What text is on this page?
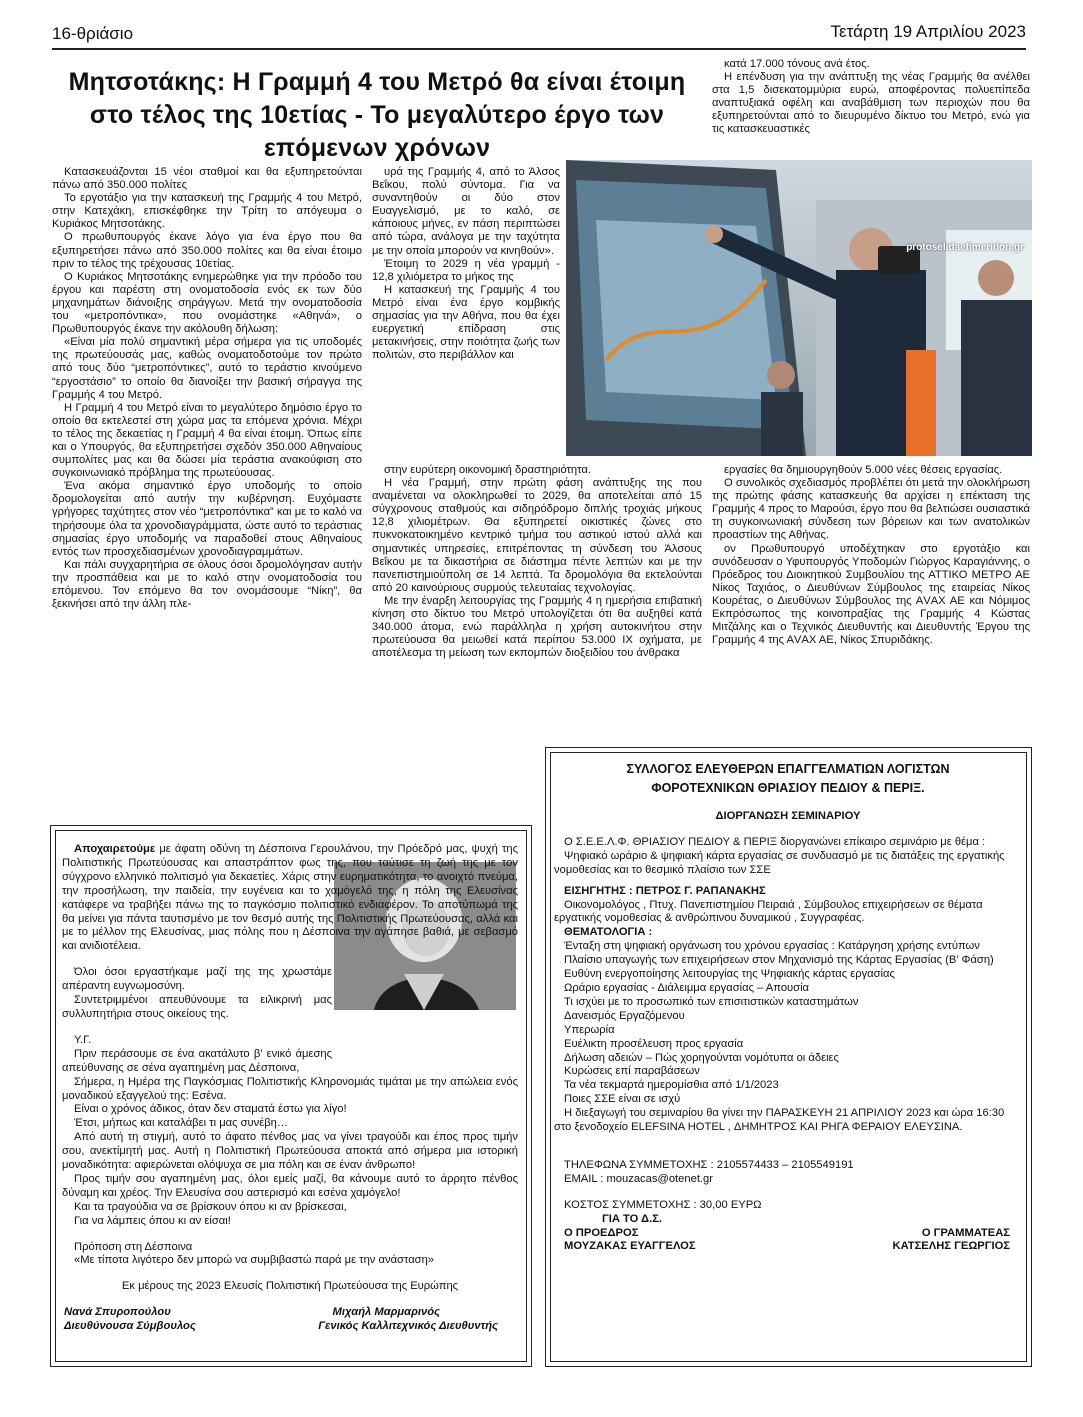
16-θριάσιο	Τετάρτη 19 Απριλίου 2023
Μητσοτάκης: Η Γραμμή 4 του Μετρό θα είναι έτοιμη στο τέλος της 10ετίας - Το μεγαλύτερο έργο των επόμενων χρόνων

Κατασκευάζονται 15 νέοι σταθμοί και θα εξυπηρετούνται πάνω από 350.000 πολίτες

Το εργοτάξιο για την κατασκευή της Γραμμής 4 του Μετρό, στην Κατεχάκη, επισκέφθηκε την Τρίτη το απόγευμα ο Κυριάκος Μητσοτάκης.

Ο πρωθυπουργός έκανε λόγο για ένα έργο που θα εξυπηρετήσει πάνω από 350.000 πολίτες και θα είναι έτοιμο πριν το τέλος της τρέχουσας 10ετίας.

Ο Κυριάκος Μητσοτάκης ενημερώθηκε για την πρόοδο του έργου και παρέστη στη ονοματοδοσία ενός εκ των δύο μηχανημάτων διάνοιξης σηράγγων. Μετά την ονοματοδοσία του «μετροπόντικα», που ονομάστηκε «Αθηνά», ο Πρωθυπουργός έκανε την ακόλουθη δήλωση:

«Είναι μία πολύ σημαντική μέρα σήμερα για τις υποδομές της πρωτεύουσάς μας, καθώς ονοματοδοτούμε τον πρώτο από τους δύο “μετροπόντικες”, αυτό το τεράστιο κινούμενο “εργοστάσιο” το οποίο θα διανοίξει την βασική σήραγγα της Γραμμής 4 του Μετρό.

Η Γραμμή 4 του Μετρό είναι το μεγαλύτερο δημόσιο έργο το οποίο θα εκτελεστεί στη χώρα μας τα επόμενα χρόνια. Μέχρι το τέλος της δεκαετίας η Γραμμή 4 θα είναι έτοιμη. Όπως είπε και ο Υπουργός, θα εξυπηρετήσει σχεδόν 350.000 Αθηναίους συμπολίτες μας και θα δώσει μία τεράστια ανακούφιση στο συγκοινωνιακό πρόβλημα της πρωτεύουσας.

Ένα ακόμα σημαντικό έργο υποδομής το οποίο δρομολογείται από αυτήν την κυβέρνηση. Ευχόμαστε γρήγορες ταχύτητες στον νέο “μετροπόντικα” και με το καλό να τηρήσουμε όλα τα χρονοδιαγράμματα, ώστε αυτό το τεράστιας σημασίας έργο υποδομής να παραδοθεί στους Αθηναίους εντός των προσχεδιασμένων χρονοδιαγραμμάτων.

Και πάλι συγχαρητήρια σε όλους όσοι δρομολόγησαν αυτήν την προσπάθεια και με το καλό στην ονοματοδοσία του επόμενου. Τον επόμενο θα τον ονομάσουμε “Νίκη”, θα ξεκινήσει από την άλλη πλε-

υρά της Γραμμής 4, από το Άλσος Βεΐκου, πολύ σύντομα. Για να συναντηθούν οι δύο στον Ευαγγελισμό, με το καλό, σε κάποιους μήνες, εν πάση περιπτώσει από τώρα, ανάλογα με την ταχύτητα με την οποία μπορούν να κινηθούν».

Έτοιμη το 2029 η νέα γραμμή - 12,8 χιλιόμετρα το μήκος της

Η κατασκευή της Γραμμής 4 του Μετρό είναι ένα έργο κομβικής σημασίας για την Αθήνα, που θα έχει ευεργετική επίδραση στις μετακινήσεις, στην ποιότητα ζωής των πολιτών, στο περιβάλλον και

στην ευρύτερη οικονομική δραστηριότητα.

Η νέα Γραμμή, στην πρώτη φάση ανάπτυξης της που αναμένεται να ολοκληρωθεί το 2029, θα αποτελείται από 15 σύγχρονους σταθμούς και σιδηρόδρομο διπλής τροχιάς μήκους 12,8 χιλιομέτρων. Θα εξυπηρετεί οικιστικές ζώνες στο πυκνοκατοικημένο κεντρικό τμήμα του αστικού ιστού αλλά και σημαντικές υπηρεσίες, επιτρέποντας τη σύνδεση του Άλσους Βεΐκου με τα δικαστήρια σε διάστημα πέντε λεπτών και με την πανεπιστημιούπολη σε 14 λεπτά. Τα δρομολόγια θα εκτελούνται από 20 καινούριους συρμούς τελευταίας τεχνολογίας.

Με την έναρξη λειτουργίας της Γραμμής 4 η ημερήσια επιβατική κίνηση στο δίκτυο του Μετρό υπολογίζεται ότι θα αυξηθεί κατά 340.000 άτομα, ενώ παράλληλα η χρήση αυτοκινήτου στην πρωτεύουσα θα μειωθεί κατά περίπου 53.000 ΙΧ οχήματα, με αποτέλεσμα τη μείωση των εκπομπών διοξειδίου του άνθρακα

κατά 17.000 τόνους ανά έτος.

Η επένδυση για την ανάπτυξη της νέας Γραμμής θα ανέλθει στα 1,5 δισεκατομμύρια ευρώ, αποφέροντας πολυεπίπεδα αναπτυξιακά οφέλη και αναβάθμιση των περιοχών που θα εξυπηρετούνται από το διευρυμένο δίκτυο του Μετρό, ενώ για τις κατασκευαστικές

εργασίες θα δημιουργηθούν 5.000 νέες θέσεις εργασίας.

Ο συνολικός σχεδιασμός προβλέπει ότι μετά την ολοκλήρωση της πρώτης φάσης κατασκευής θα αρχίσει η επέκταση της Γραμμής 4 προς το Μαρούσι, έργο που θα βελτιώσει ουσιαστικά τη συγκοινωνιακή σύνδεση των βόρειων και των ανατολικών προαστίων της Αθήνας.

ον Πρωθυπουργό υποδέχτηκαν στο εργοτάξιο και συνόδευσαν ο Υφυπουργός Υποδομών Γιώργος Καραγιάννης, ο Πρόεδρος του Διοικητικού Συμβουλίου της ΑΤΤΙΚΟ ΜΕΤΡΟ ΑΕ Νίκος Ταχιάος, ο Διευθύνων Σύμβουλος της εταιρείας Νίκος Κουρέτας, ο Διευθύνων Σύμβουλος της ΑVΑΧ ΑΕ και Νόμιμος Εκπρόσωπος της κοινοπραξίας της Γραμμής 4 Κώστας Μιτζάλης και ο Τεχνικός Διευθυντής και Διευθυντής Έργου της Γραμμής 4 της ΑVΑΧ ΑΕ, Νίκος Σπυριδάκης.

protoselidaefimeridon.gr

Αποχαιρετούμε με άφατη οδύνη τη Δέσποινα Γερουλάνου, την Πρόεδρό μας, ψυχή της Πολιτιστικής Πρωτεύουσας και απαστράπτον φως της, που ταύτισε τη ζωή της με τον σύγχρονο ελληνικό πολιτισμό για δεκαετίες. Χάρις στην ευρηματικότητα, το ανοιχτό πνεύμα, την προσήλωση, την παιδεία, την ευγένεια και το χαμόγελό της, η πόλη της Ελευσίνας κατάφερε να τραβήξει πάνω της το παγκόσμιο πολιτιστικό ενδιαφέρον. Το αποτύπωμά της θα μείνει για πάντα ταυτισμένο με τον θεσμό αυτής της Πολιτιστικής Πρωτεύουσας, αλλά και με το μέλλον της Ελευσίνας, μιας πόλης που η Δέσποινα την αγάπησε βαθιά, με σεβασμό και ανιδιοτέλεια.

Όλοι όσοι εργαστήκαμε μαζί της της χρωστάμε απέραντη ευγνωμοσύνη.

Συντετριμμένοι απευθύνουμε τα ειλικρινή μας συλλυπητήρια στους οικείους της.

Υ.Γ.

Πριν περάσουμε σε ένα ακατάλυτο β’ ενικό άμεσης απεύθυνσης σε σένα αγαπημένη μας Δέσποινα,

Σήμερα, η Ημέρα της Παγκόσμιας Πολιτιστικής Κληρονομιάς τιμάται με την απώλεια ενός μοναδικού εξαγγελού της: Εσένα.

Είναι ο χρόνος άδικος, όταν δεν σταματά έστω για λίγο!

Έτσι, μήπως και καταλάβει τι μας συνέβη…

Από αυτή τη στιγμή, αυτό το άφατο πένθος μας να γίνει τραγούδι και έπος προς τιμήν σου, ανεκτίμητή μας. Αυτή η Πολιτιστική Πρωτεύουσα αποκτά από σήμερα μια ιστορική μοναδικότητα: αφιερώνεται ολόψυχα σε μια πόλη και σε έναν άνθρωπο!

Προς τιμήν σου αγαπημένη μας, όλοι εμείς μαζί, θα κάνουμε αυτό το άρρητο πένθος δύναμη και χρέος. Την Ελευσίνα σου αστερισμό και εσένα χαμόγελο!

Και τα τραγούδια να σε βρίσκουν όπου κι αν βρίσκεσαι,

Για να λάμπεις όπου κι αν είσαι!

Πρόποση στη Δέσποινα

«Με τίποτα λιγότερο δεν μπορώ να συμβιβαστώ παρά με την ανάσταση»

Εκ μέρους της 2023 Ελευσίς Πολιτιστική Πρωτεύουσα της Ευρώπης

Νανά Σπυροπούλου	Μιχαήλ Μαρμαρινός
Διευθύνουσα Σύμβουλος	Γενικός Καλλιτεχνικός Διευθυντής

ΣΥΛΛΟΓΟΣ ΕΛΕΥΘΕΡΩΝ ΕΠΑΓΓΕΛΜΑΤΙΩΝ ΛΟΓΙΣΤΩΝ

ΦΟΡΟΤΕΧΝΙΚΩΝ ΘΡΙΑΣΙΟΥ ΠΕΔΙΟΥ & ΠΕΡΙΞ.

ΔΙΟΡΓΑΝΩΣΗ ΣΕΜΙΝΑΡΙΟΥ

Ο Σ.Ε.Ε.Λ.Φ. ΘΡΙΑΣΙΟΥ ΠΕΔΙΟΥ & ΠΕΡΙΞ διοργανώνει επίκαιρο σεμινάριο με θέμα :

Ψηφιακό ωράριο & ψηφιακή κάρτα εργασίας σε συνδυασμό με τις διατάξεις της εργατικής νομοθεσίας και το θεσμικό πλαίσιο των ΣΣΕ

ΕΙΣΗΓΗΤΗΣ : ΠΕΤΡΟΣ Γ. ΡΑΠΑΝΑΚΗΣ

Οικονομολόγος , Πτυχ. Πανεπιστημίου Πειραιά , Σύμβουλος επιχειρήσεων σε θέματα εργατικής νομοθεσίας & ανθρώπινου δυναμικού , Συγγραφέας.

ΘΕΜΑΤΟΛΟΓΙΑ :

Ένταξη στη ψηφιακή οργάνωση του χρόνου εργασίας : Κατάργηση χρήσης εντύπων

Πλαίσιο υπαγωγής των επιχειρήσεων στον Μηχανισμό της Κάρτας Εργασίας (Β’ Φάση)

Ευθύνη ενεργοποίησης λειτουργίας της Ψηφιακής κάρτας εργασίας

Ωράριο εργασίας - Διάλειμμα εργασίας – Απουσία

Τι ισχύει με το προσωπικό των επισιτιστικών καταστημάτων

Δανεισμός Εργαζόμενου

Υπερωρία

Ευέλικτη προσέλευση προς εργασία

Δήλωση αδειών – Πώς χορηγούνται νομότυπα οι άδειες

Κυρώσεις επί παραβάσεων

Τα νέα τεκμαρτά ημερομίσθια από 1/1/2023

Ποιες ΣΣΕ είναι σε ισχύ

Η διεξαγωγή του σεμιναρίου θα γίνει την ΠΑΡΑΣΚΕΥΗ 21 ΑΠΡΙΛΙΟΥ 2023 και ώρα 16:30 στο ξενοδοχείο ELEFSINA HOTEL , ΔΗΜΗΤΡΟΣ ΚΑΙ ΡΗΓΑ ΦΕΡΑΙΟΥ ΕΛΕΥΣΙΝΑ.

ΤΗΛΕΦΩΝΑ ΣΥΜΜΕΤΟΧΗΣ : 2105574433 – 2105549191

EMAIL : mouzacas@otenet.gr

ΚΟΣΤΟΣ ΣΥΜΜΕΤΟΧΗΣ : 30,00 ΕΥΡΩ

ΓΙΑ ΤΟ Δ.Σ.

Ο ΠΡΟΕΔΡΟΣ	Ο ΓΡΑΜΜΑΤΕΑΣ
ΜΟΥΖΑΚΑΣ ΕΥΑΓΓΕΛΟΣ	ΚΑΤΣΕΛΗΣ ΓΕΩΡΓΙΟΣ
